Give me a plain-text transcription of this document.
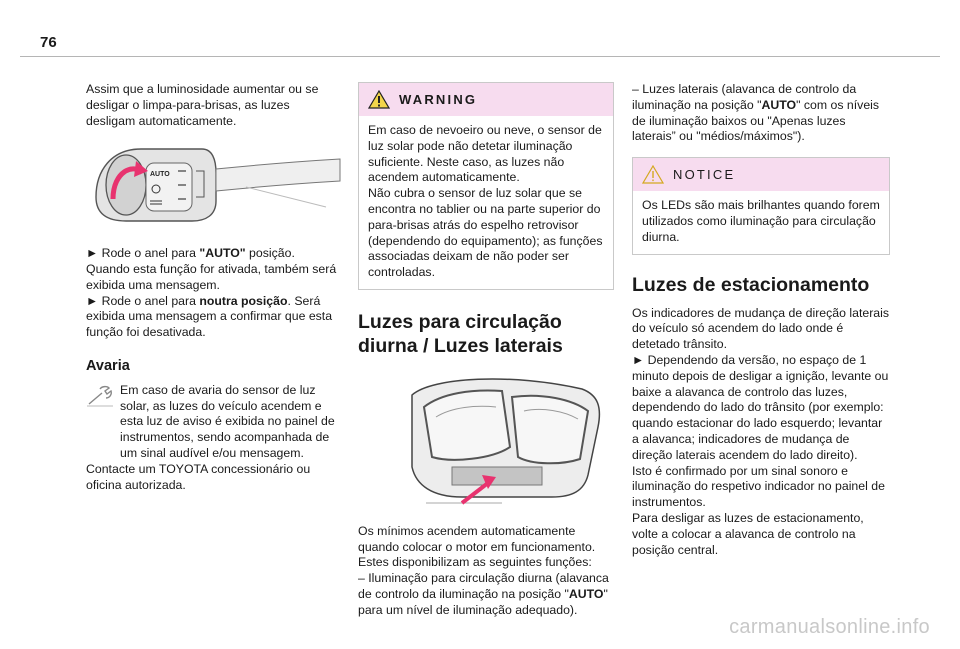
76

Assim que a luminosidade aumentar ou se desligar o limpa-para-brisas, as luzes desligam automaticamente.

AUTO

► Rode o anel para "AUTO" posição. Quando esta função for ativada, também será exibida uma mensagem.

► Rode o anel para noutra posição. Será exibida uma mensagem a confirmar que esta função foi desativada.

Avaria

Em caso de avaria do sensor de luz solar, as luzes do veículo acendem e esta luz de aviso é exibida no painel de instrumentos, sendo acompanhada de um sinal audível e/ou mensagem.

Contacte um TOYOTA concessionário ou oficina autorizada.

WARNING

Em caso de nevoeiro ou neve, o sensor de luz solar pode não detetar iluminação suficiente. Neste caso, as luzes não acendem automaticamente.

Não cubra o sensor de luz solar que se encontra no tablier ou na parte superior do para-brisas atrás do espelho retrovisor (dependendo do equipamento); as funções associadas deixam de não poder ser controladas.

Luzes para circulação diurna / Luzes laterais

Os mínimos acendem automaticamente quando colocar o motor em funcionamento.

Estes disponibilizam as seguintes funções:

– Iluminação para circulação diurna (alavanca de controlo da iluminação na posição "AUTO" para um nível de iluminação adequado).

– Luzes laterais (alavanca de controlo da iluminação na posição "AUTO" com os níveis de iluminação baixos ou "Apenas luzes laterais” ou "médios/máximos").

NOTICE

Os LEDs são mais brilhantes quando forem utilizados como iluminação para circulação diurna.

Luzes de estacionamento

Os indicadores de mudança de direção laterais do veículo só acendem do lado onde é detetado trânsito.

► Dependendo da versão, no espaço de 1 minuto depois de desligar a ignição, levante ou baixe a alavanca de controlo das luzes, dependendo do lado do trânsito (por exemplo: quando estacionar do lado esquerdo; levantar a alavanca; indicadores de mudança de direção laterais acendem do lado direito).

Isto é confirmado por um sinal sonoro e iluminação do respetivo indicador no painel de instrumentos.

Para desligar as luzes de estacionamento, volte a colocar a alavanca de controlo na posição central.

carmanualsonline.info
